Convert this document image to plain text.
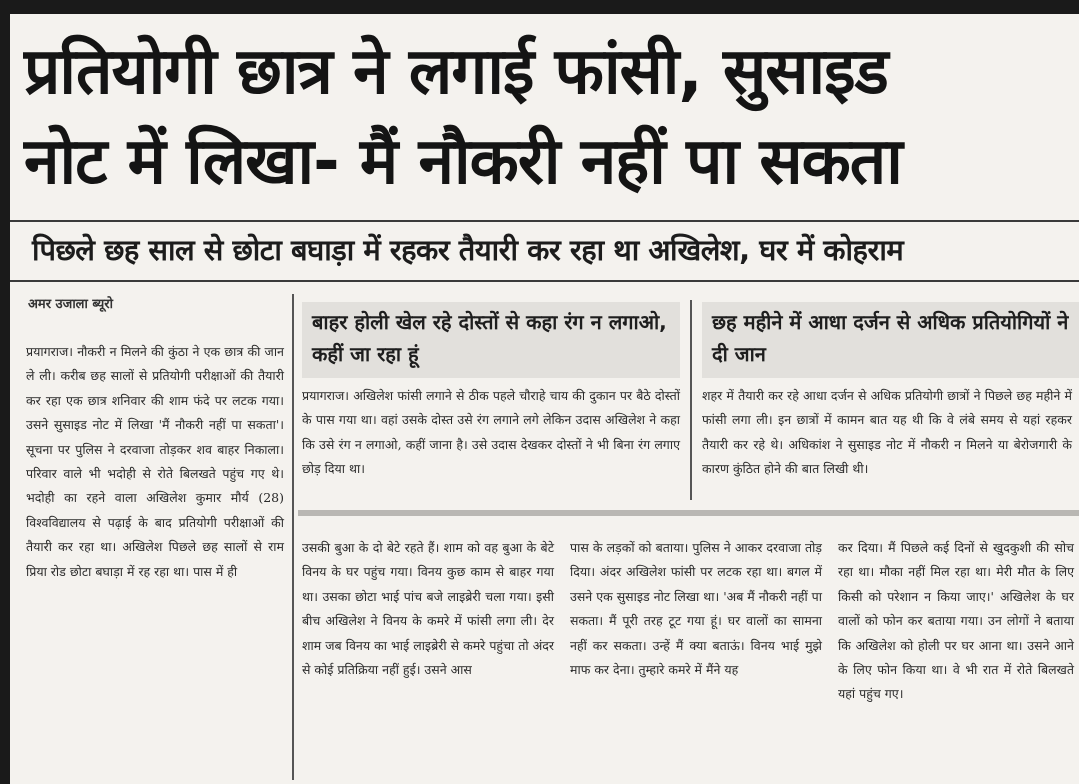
प्रतियोगी छात्र ने लगाई फांसी, सुसाइड
नोट में लिखा- मैं नौकरी नहीं पा सकता
पिछले छह साल से छोटा बघाड़ा में रहकर तैयारी कर रहा था अखिलेश, घर में कोहराम
अमर उजाला ब्यूरो

प्रयागराज। नौकरी न मिलने की कुंठा ने एक छात्र की जान ले ली। करीब छह सालों से प्रतियोगी परीक्षाओं की तैयारी कर रहा एक छात्र शनिवार की शाम फंदे पर लटक गया। उसने सुसाइड नोट में लिखा 'मैं नौकरी नहीं पा सकता'। सूचना पर पुलिस ने दरवाजा तोड़कर शव बाहर निकाला। परिवार वाले भी भदोही से रोते बिलखते पहुंच गए थे। भदोही का रहने वाला अखिलेश कुमार मौर्य (28) विश्वविद्यालय से पढ़ाई के बाद प्रतियोगी परीक्षाओं की तैयारी कर रहा था। अखिलेश पिछले छह सालों से राम प्रिया रोड छोटा बघाड़ा में रह रहा था। पास में ही

बाहर होली खेल रहे दोस्तों से कहा रंग न लगाओ, कहीं जा रहा हूं

प्रयागराज। अखिलेश फांसी लगाने से ठीक पहले चौराहे चाय की दुकान पर बैठे दोस्तों के पास गया था। वहां उसके दोस्त उसे रंग लगाने लगे लेकिन उदास अखिलेश ने कहा कि उसे रंग न लगाओ, कहीं जाना है। उसे उदास देखकर दोस्तों ने भी बिना रंग लगाए छोड़ दिया था।

छह महीने में आधा दर्जन से अधिक प्रतियोगियों ने दी जान

शहर में तैयारी कर रहे आधा दर्जन से अधिक प्रतियोगी छात्रों ने पिछले छह महीने में फांसी लगा ली। इन छात्रों में कामन बात यह थी कि वे लंबे समय से यहां रहकर तैयारी कर रहे थे। अधिकांश ने सुसाइड नोट में नौकरी न मिलने या बेरोजगारी के कारण कुंठित होने की बात लिखी थी।

उसकी बुआ के दो बेटे रहते हैं। शाम को वह बुआ के बेटे विनय के घर पहुंच गया। विनय कुछ काम से बाहर गया था। उसका छोटा भाई पांच बजे लाइब्रेरी चला गया। इसी बीच अखिलेश ने विनय के कमरे में फांसी लगा ली। देर शाम जब विनय का भाई लाइब्रेरी से कमरे पहुंचा तो अंदर से कोई प्रतिक्रिया नहीं हुई। उसने आस

पास के लड़कों को बताया। पुलिस ने आकर दरवाजा तोड़ दिया। अंदर अखिलेश फांसी पर लटक रहा था। बगल में उसने एक सुसाइड नोट लिखा था। 'अब मैं नौकरी नहीं पा सकता। मैं पूरी तरह टूट गया हूं। घर वालों का सामना नहीं कर सकता। उन्हें मैं क्या बताऊं। विनय भाई मुझे माफ कर देना। तुम्हारे कमरे में मैंने यह

कर दिया। मैं पिछले कई दिनों से खुदकुशी की सोच रहा था। मौका नहीं मिल रहा था। मेरी मौत के लिए किसी को परेशान न किया जाए।' अखिलेश के घर वालों को फोन कर बताया गया। उन लोगों ने बताया कि अखिलेश को होली पर घर आना था। उसने आने के लिए फोन किया था। वे भी रात में रोते बिलखते यहां पहुंच गए।
